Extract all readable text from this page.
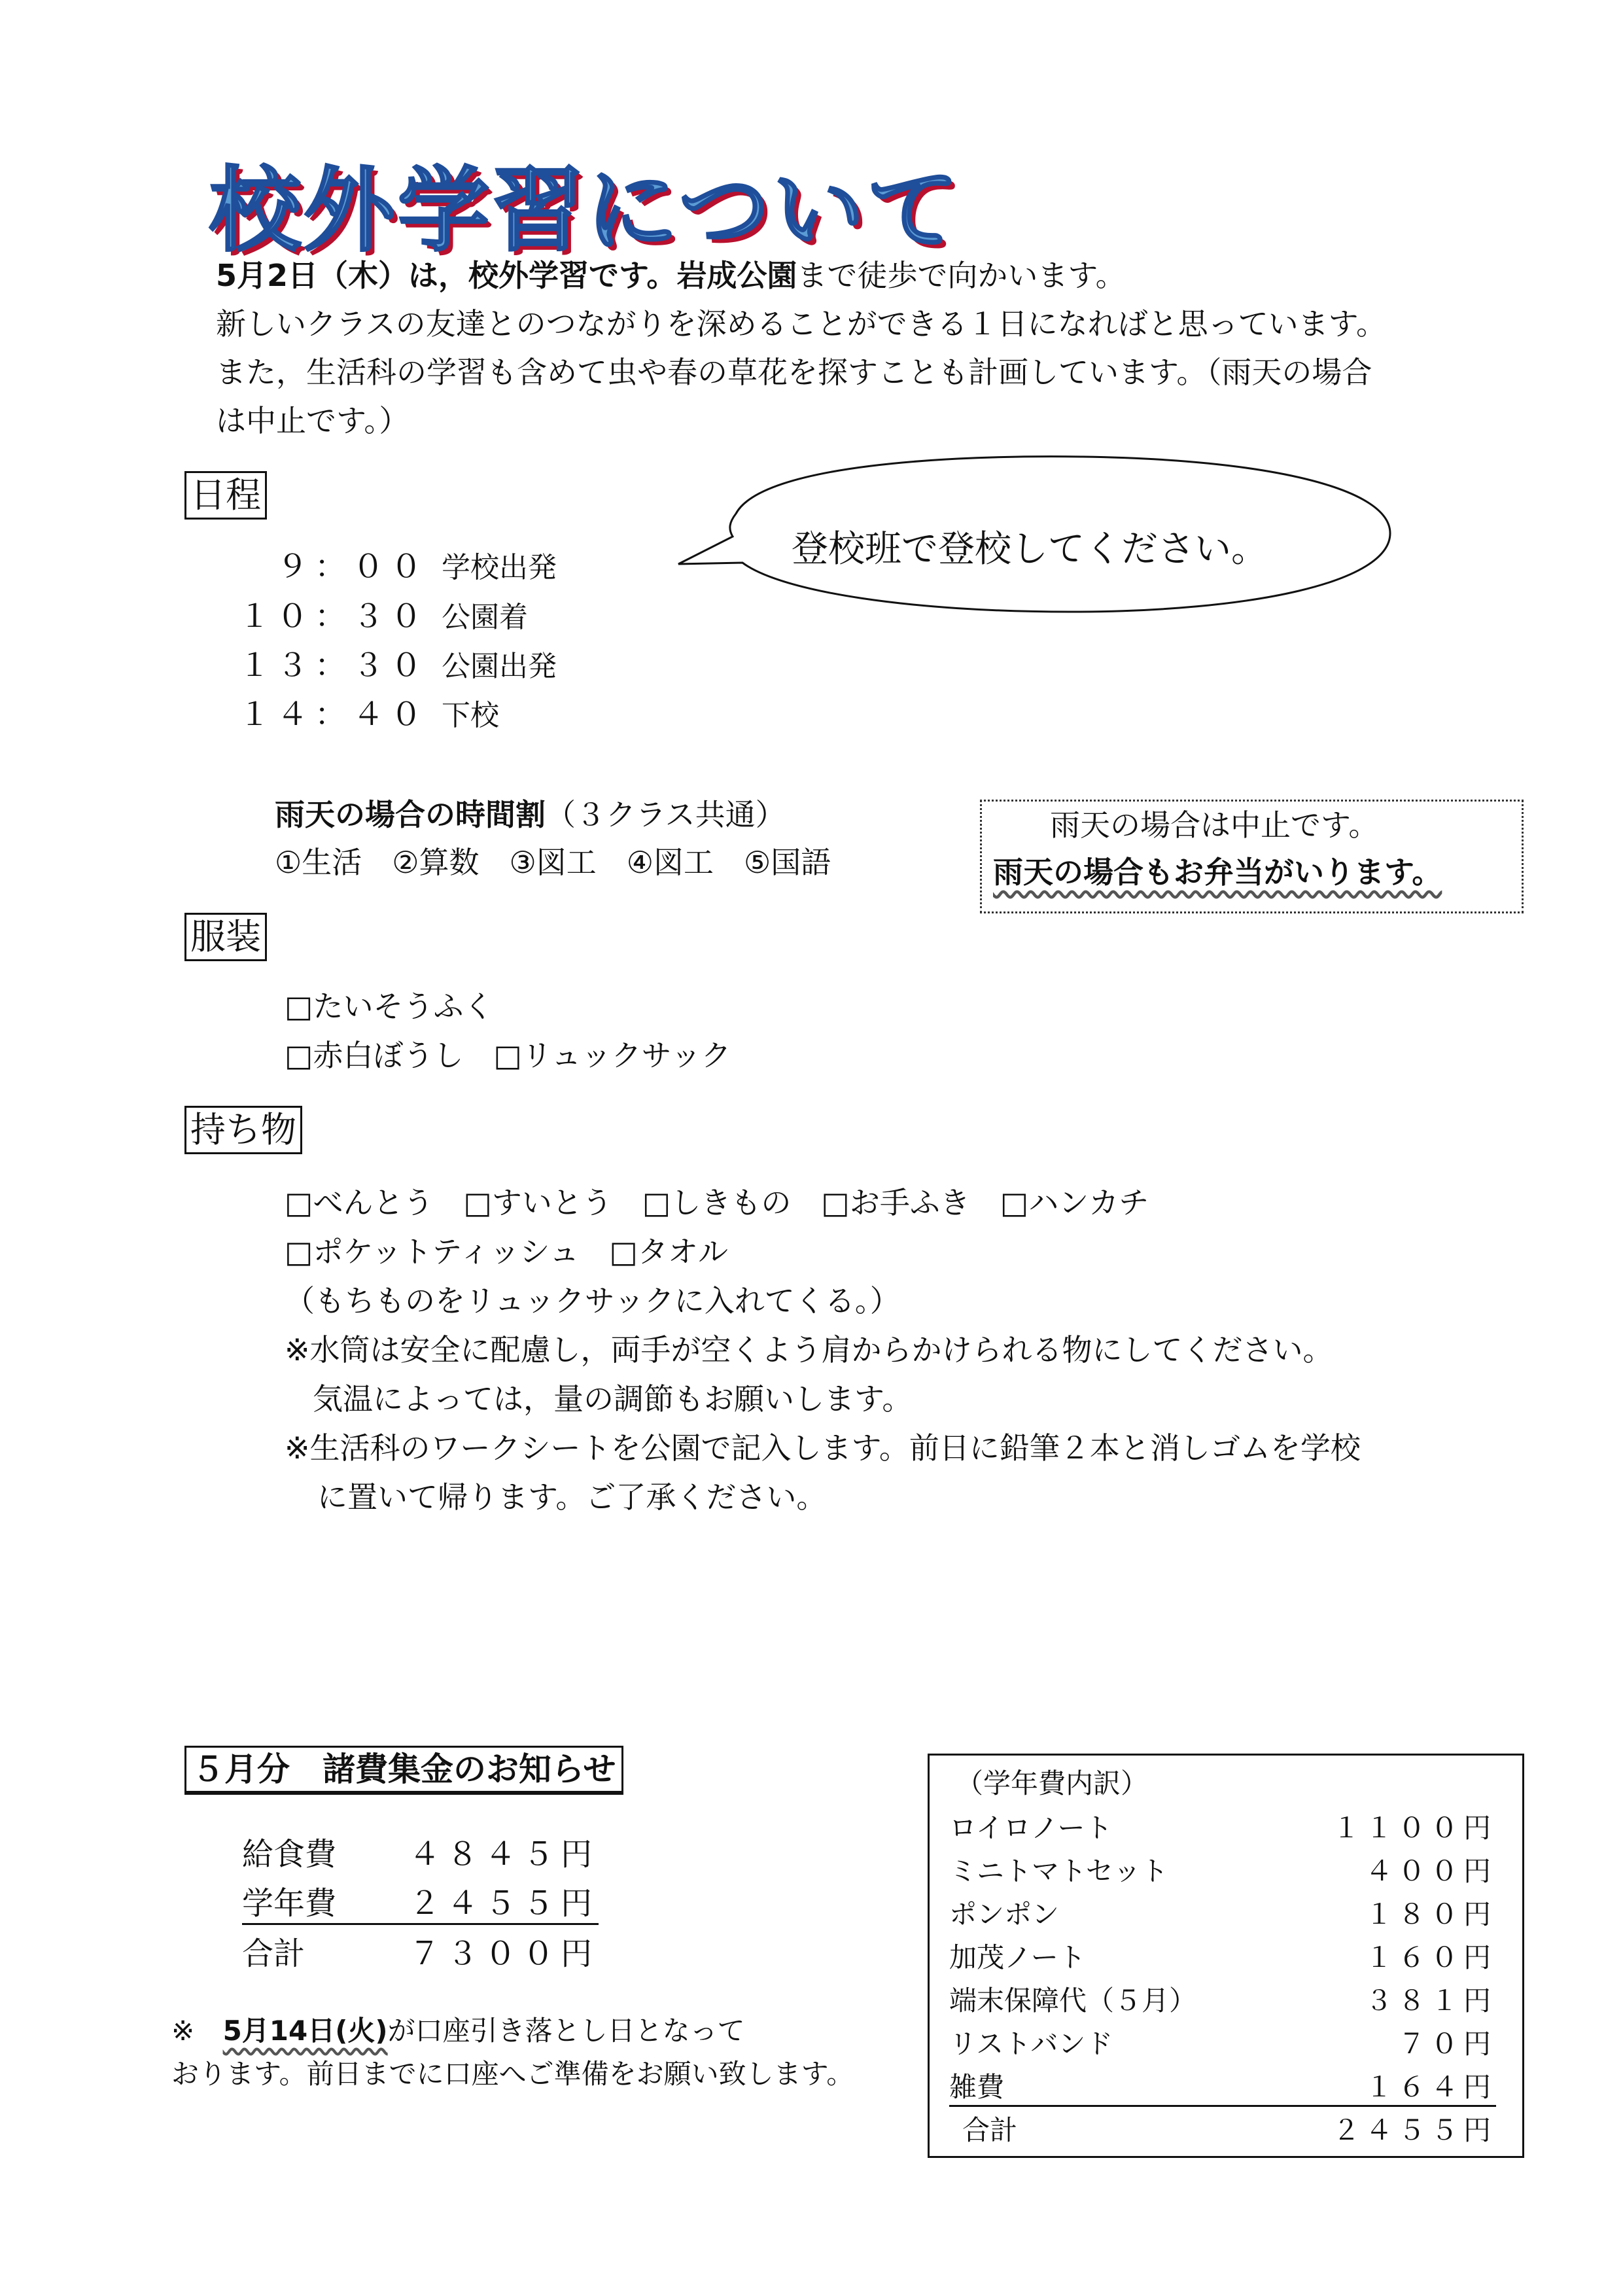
校外学習について
5月2日（木）は，校外学習です。岩成公園まで徒歩で向かいます。
新しいクラスの友達とのつながりを深めることができる１日になればと思っています。
また，生活科の学習も含めて虫や春の草花を探すことも計画しています。（雨天の場合
は中止です。）
日程
９：００ 学校出発
１０：３０ 公園着
１３：３０ 公園出発
１４：４０ 下校
登校班で登校してください。
雨天の場合の時間割（３クラス共通）
①生活　②算数　③図工　④図工　⑤国語
雨天の場合は中止です。
雨天の場合もお弁当がいります。
服装
□たいそうふく
□赤白ぼうし　□リュックサック
持ち物
□べんとう　□すいとう　□しきもの　□お手ふき　□ハンカチ
□ポケットティッシュ　□タオル
（もちものをリュックサックに入れてくる。）
※水筒は安全に配慮し，両手が空くよう肩からかけられる物にしてください。
気温によっては，量の調節もお願いします。
※生活科のワークシートを公園で記入します。前日に鉛筆２本と消しゴムを学校
に置いて帰ります。ご了承ください。
５月分　諸費集金のお知らせ
給食費 ４８４５円
学年費 ２４５５円
合計	７３００円
※ 5月14日(火)が口座引き落とし日となって
おります。前日までに口座へご準備をお願い致します。
（学年費内訳）
ロイロノート	１１００円
ミニトマトセット	４００円
ポンポン	１８０円
加茂ノート	１６０円
端末保障代（５月）	３８１円
リストバンド	７０円
雑費	１６４円
合計	２４５５円
